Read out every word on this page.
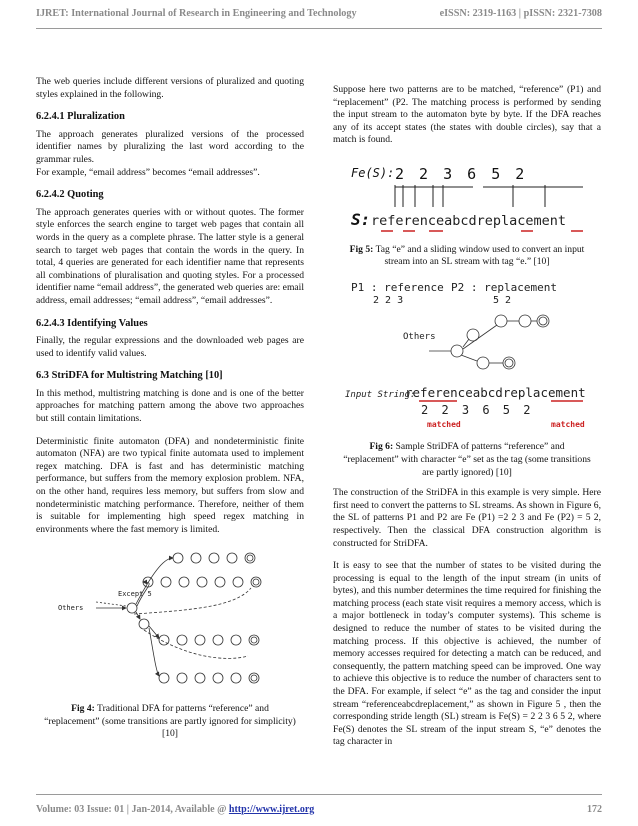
IJRET: International Journal of Research in Engineering and Technology	eISSN: 2319-1163 | pISSN: 2321-7308

The web queries include different versions of pluralized and quoting styles explained in the following.

6.2.4.1 Pluralization

The approach generates pluralized versions of the processed identifier names by pluralizing the last word according to the grammar rules.

For example, “email address” becomes “email addresses”.

6.2.4.2 Quoting

The approach generates queries with or without quotes. The former style enforces the search engine to target web pages that contain all words in the query as a complete phrase. The latter style is a general search to target web pages that contain the words in the query. In total, 4 queries are generated for each identifier name that represents all combinations of pluralisation and quoting styles. For a processed identifier name “email address”, the generated web queries are: email address, email addresses; “email address”, “email addresses”.

6.2.4.3 Identifying Values

Finally, the regular expressions and the downloaded web pages are used to identify valid values.

6.3 StriDFA for Multistring Matching [10]

In this method, multistring matching is done and is one of the better approaches for matching pattern among the above two approaches but still contain limitations.

Deterministic finite automaton (DFA) and nondeterministic finite automaton (NFA) are two typical finite automata used to implement regex matching. DFA is fast and has deterministic matching performance, but suffers from the memory explosion problem. NFA, on the other hand, requires less memory, but suffers from slow and nondeterministic matching performance. Therefore, neither of them is suitable for implementing high speed regex matching in environments where the fast memory is limited.

Except 5
Others
Fig 4: Traditional DFA for patterns “reference” and “replacement” (some transitions are partly ignored for simplicity) [10]

Suppose here two patterns are to be matched, “reference” (P1) and “replacement” (P2. The matching process is performed by sending the input stream to the automaton byte by byte. If the DFA reaches any of its accept states (the states with double circles), say that a match is found.

Fe(S): 2 2 3 6 5 2
S: referenceabcdreplacement
Fig 5: Tag “e” and a sliding window used to convert an input stream into an SL stream with tag “e.” [10]
P1 : reference P2 : replacement
2 2 3	5 2
Others
Input String:
referenceabcdreplacement
2 2 3 6 5 2
matched	matched
Fig 6: Sample StriDFA of patterns “reference” and “replacement” with character “e” set as the tag (some transitions are partly ignored) [10]

The construction of the StriDFA in this example is very simple. Here first need to convert the patterns to SL streams. As shown in Figure 6, the SL of patterns P1 and P2 are Fe (P1) =2 2 3 and Fe (P2) = 5 2, respectively. Then the classical DFA construction algorithm is constructed for StriDFA.

It is easy to see that the number of states to be visited during the processing is equal to the length of the input stream (in units of bytes), and this number determines the time required for finishing the matching process (each state visit requires a memory access, which is a major bottleneck in today’s computer systems). This scheme is designed to reduce the number of states to be visited during the matching process. If this objective is achieved, the number of memory accesses required for detecting a match can be reduced, and consequently, the pattern matching speed can be improved. One way to achieve this objective is to reduce the number of characters sent to the DFA. For example, if select “e” as the tag and consider the input stream “referenceabcdreplacement,” as shown in Figure 5 , then the corresponding stride length (SL) stream is Fe(S) = 2 2 3 6 5 2, where Fe(S) denotes the SL stream of the input stream S, “e” denotes the tag character in

Volume: 03 Issue: 01 | Jan-2014, Available @ http://www.ijret.org	172
